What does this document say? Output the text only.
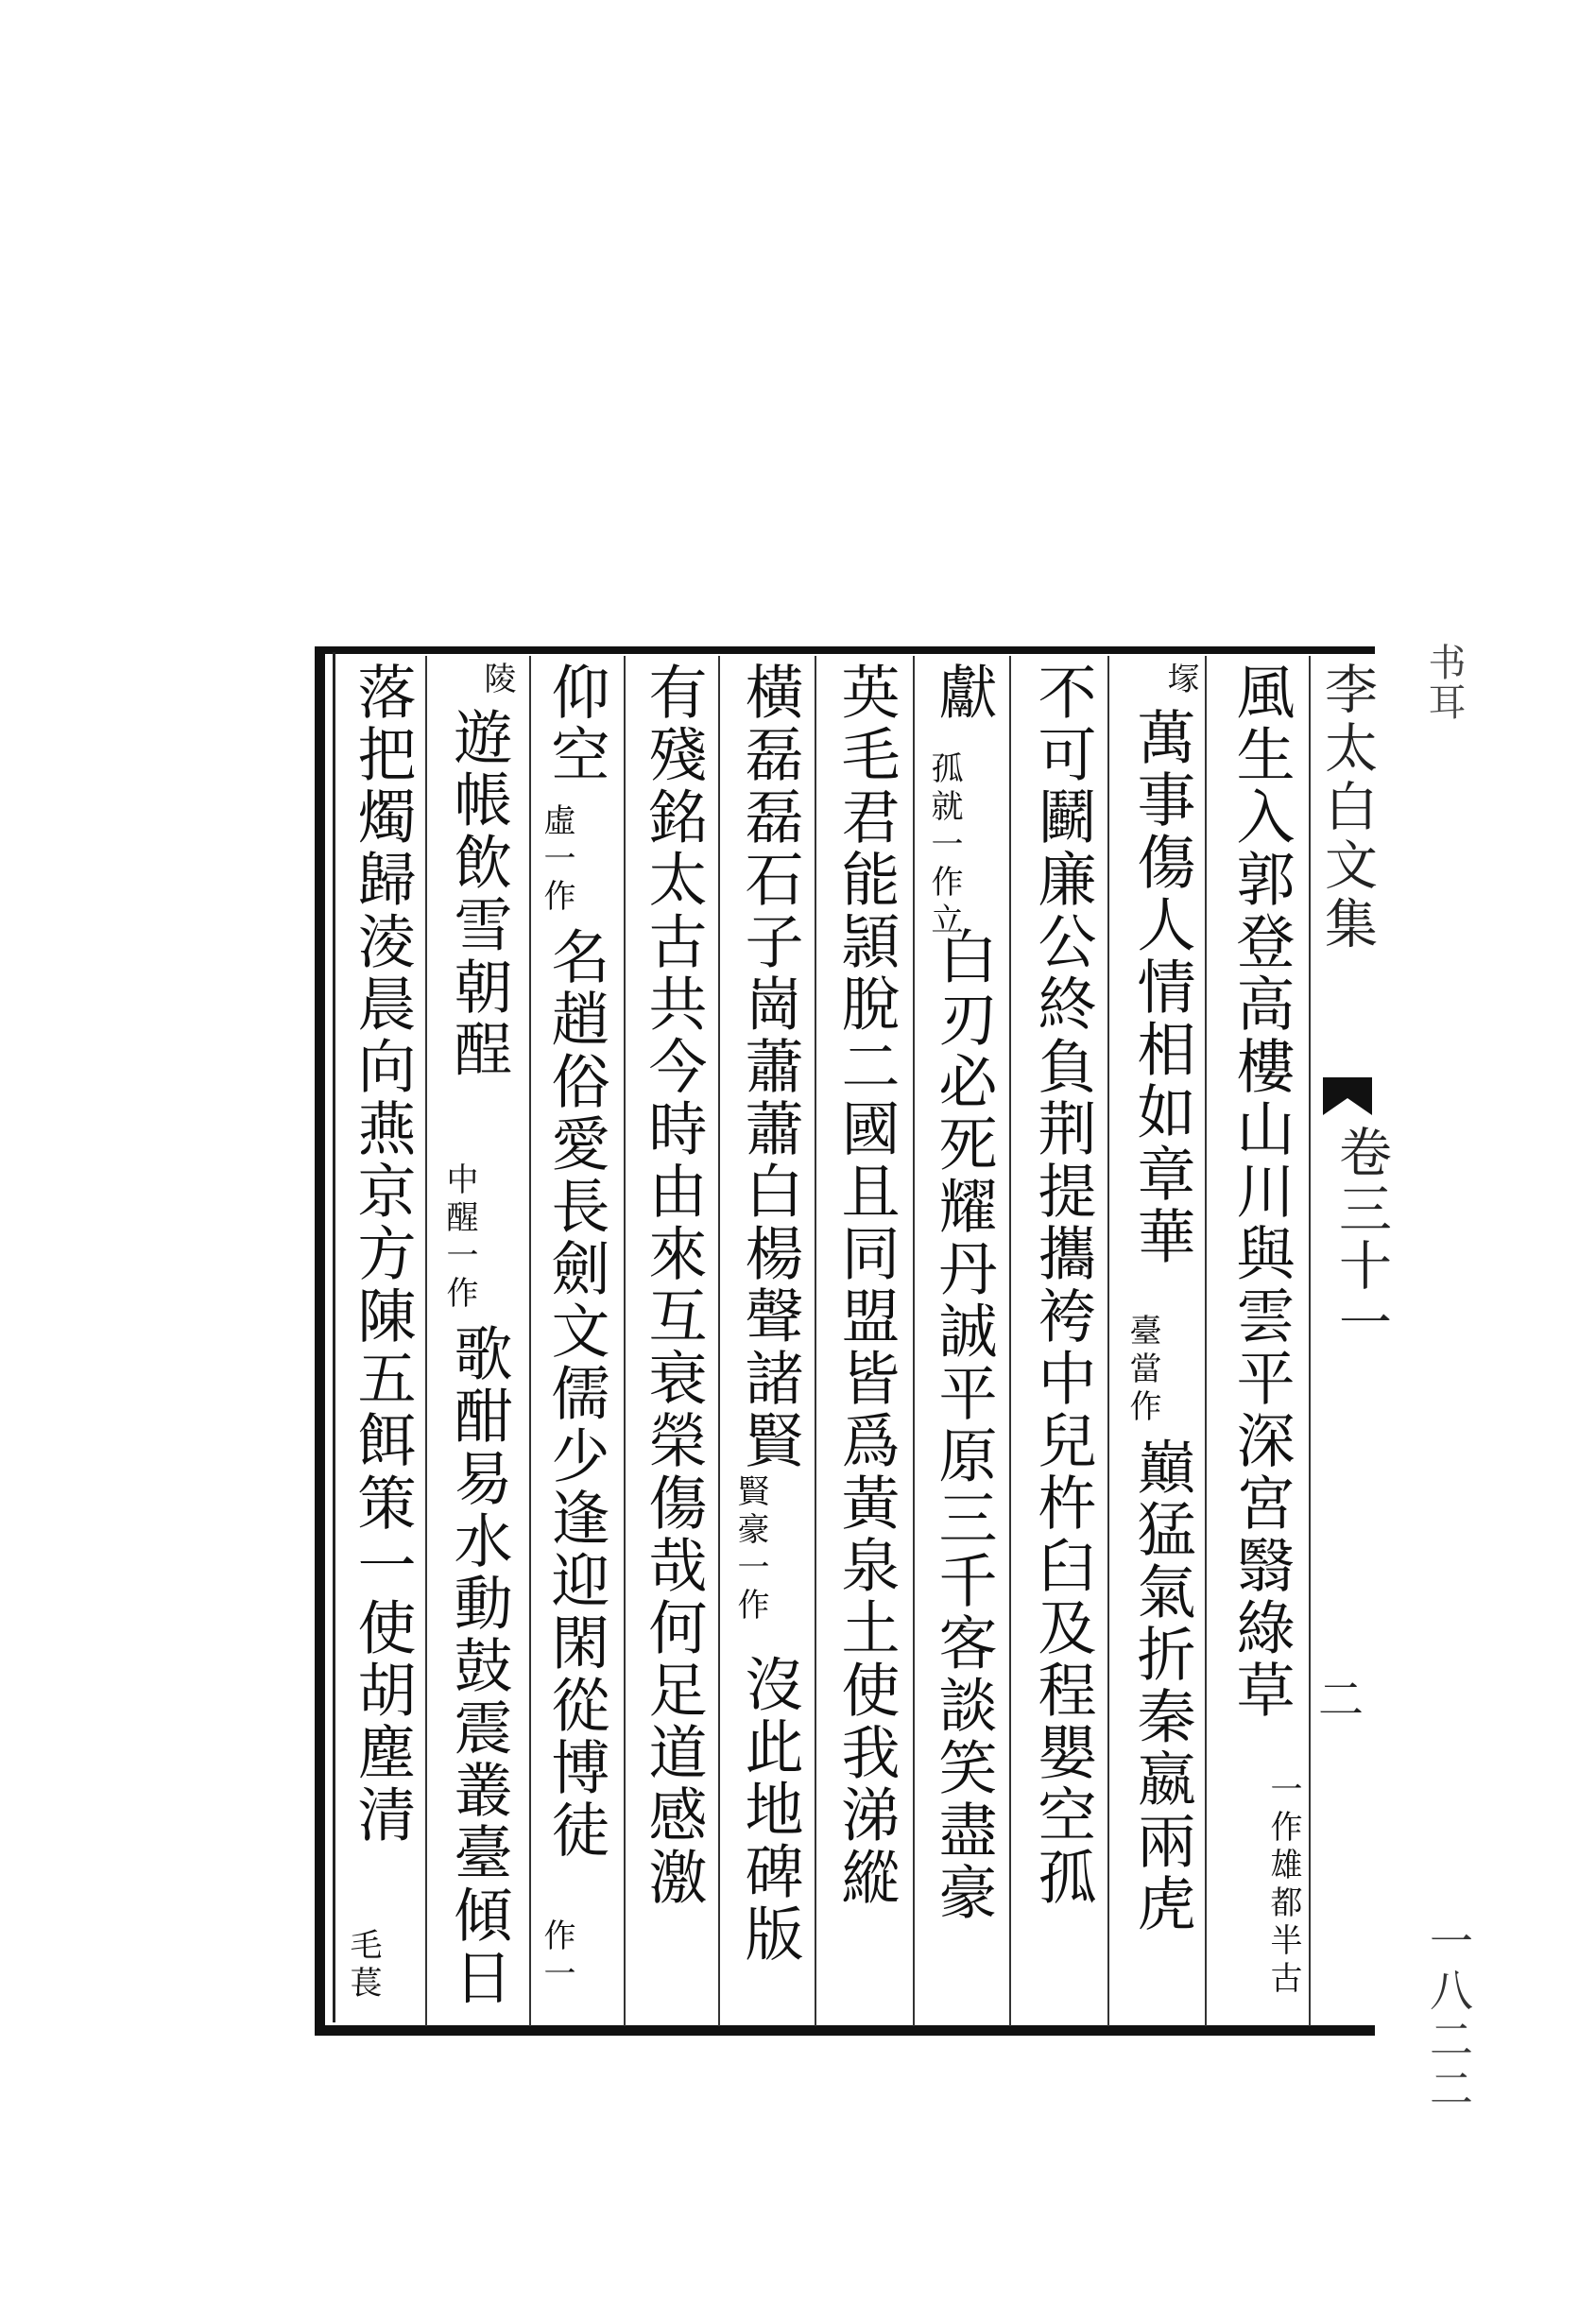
風生入郭登高樓山川與雲平深宮翳綠草
一作雄都半古
塜
萬事傷人情相如章華
臺當作
巔猛氣折秦嬴兩虎
不可鬬廉公終負荆提攜袴中兒杵臼及程嬰空孤
獻
孤就一作立
白刃必死耀丹誠平原三千客談笑盡豪
英毛君能頴脫二國且同盟皆爲黃泉土使我涕縱
橫磊磊石子崗蕭蕭白楊聲諸賢
賢豪一作
沒此地碑版
有殘銘太古共今時由來互衰榮傷哉何足道感激
仰空
虛一作
名趙俗愛長劍文儒少逢迎閑從博徒
作一
陵
遊帳飲雪朝酲
中醒一作
歌酣易水動鼓震叢臺傾日
落把燭歸淩晨向燕京方陳五餌策一使胡塵清
毛萇
李太白文集
卷三十一
二
书耳
一八二二
